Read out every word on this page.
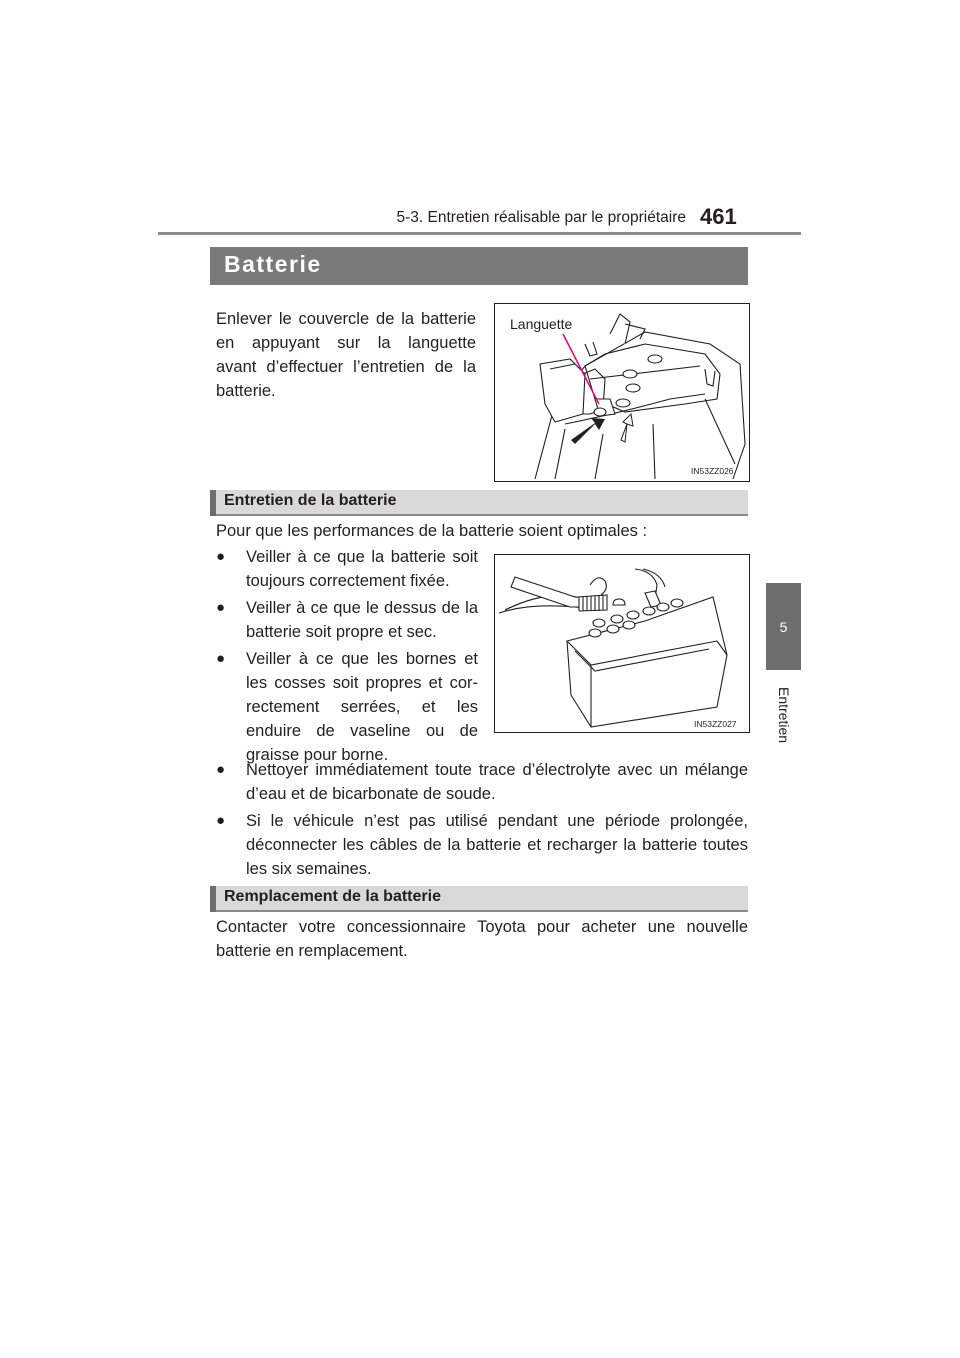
5-3. Entretien réalisable par le propriétaire 461
5
Entretien
Batterie
Enlever le couvercle de la batterie
en appuyant sur la languette
avant d’effectuer l’entretien de la
batterie.
Languette
IN53ZZ026
Entretien de la batterie
Pour que les performances de la batterie soient optimales :
● Veiller à ce que la batterie soit
toujours correctement fixée.
● Veiller à ce que le dessus de la
batterie soit propre et sec.
● Veiller à ce que les bornes et
les cosses soit propres et cor-
rectement serrées, et les
enduire de vaseline ou de
graisse pour borne.
IN53ZZ027
● Nettoyer immédiatement toute trace d’électrolyte avec un mélange
d’eau et de bicarbonate de soude.
● Si le véhicule n’est pas utilisé pendant une période prolongée,
déconnecter les câbles de la batterie et recharger la batterie toutes
les six semaines.
Remplacement de la batterie
Contacter votre concessionnaire Toyota pour acheter une nouvelle
batterie en remplacement.
